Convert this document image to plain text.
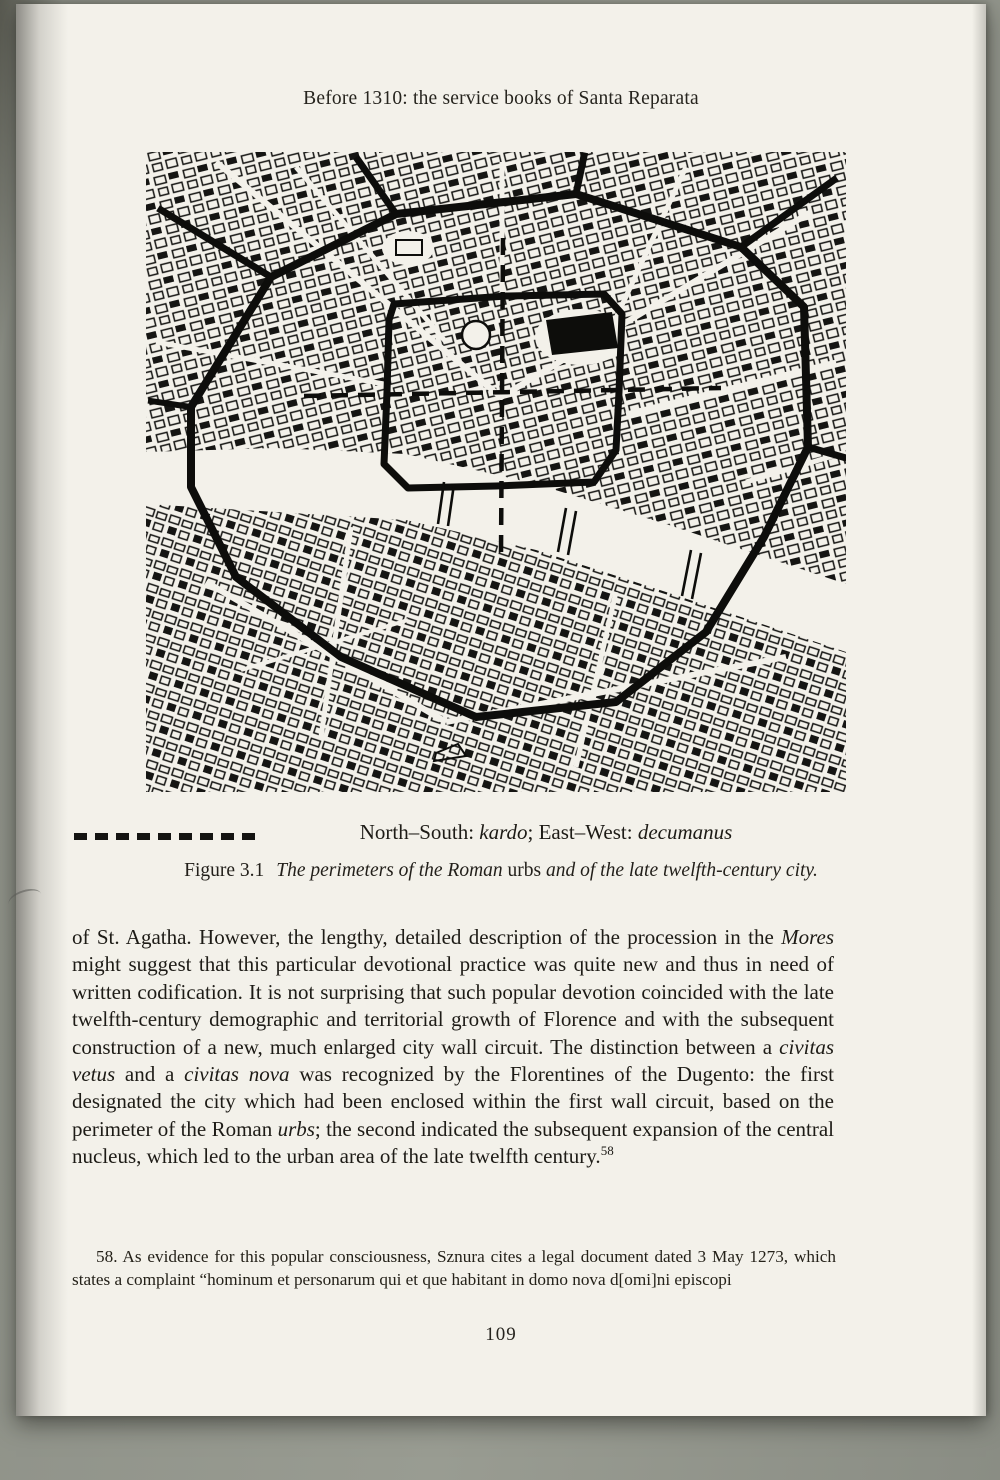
Before 1310: the service books of Santa Reparata
North–South: kardo; East–West: decumanus
Figure 3.1 The perimeters of the Roman urbs and of the late twelfth-century city.
of St. Agatha. However, the lengthy, detailed description of the procession in the Mores might suggest that this particular devotional practice was quite new and thus in need of written codification. It is not surprising that such popular devotion coincided with the late twelfth-century demographic and territorial growth of Florence and with the subsequent construction of a new, much enlarged city wall circuit. The distinction between a civitas vetus and a civitas nova was recognized by the Florentines of the Dugento: the first designated the city which had been enclosed within the first wall circuit, based on the perimeter of the Roman urbs; the second indicated the subsequent expansion of the central nucleus, which led to the urban area of the late twelfth century.$^{58}$
58. As evidence for this popular consciousness, Sznura cites a legal document dated 3 May 1273, which states a complaint “hominum et personarum qui et que habitant in domo nova d[omi]ni episcopi
109
